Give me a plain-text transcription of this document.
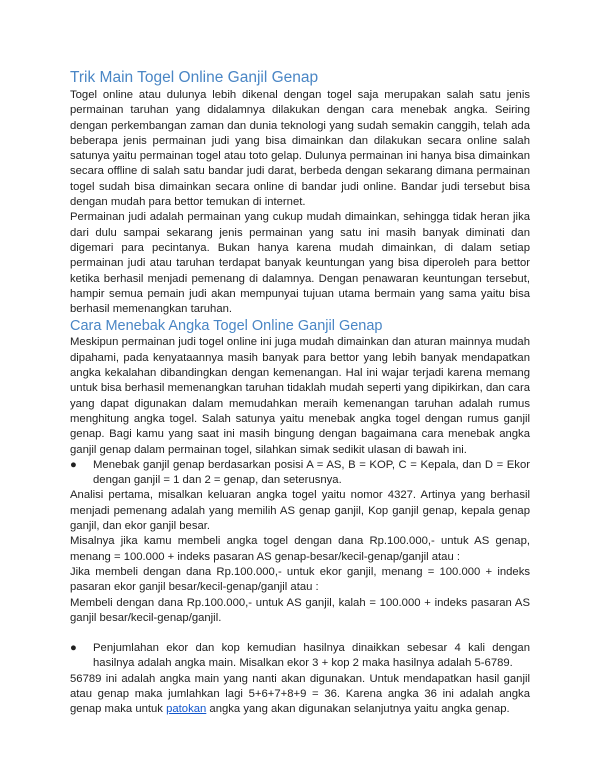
Trik Main Togel Online Ganjil Genap

Togel online atau dulunya lebih dikenal dengan togel saja merupakan salah satu jenis permainan taruhan yang didalamnya dilakukan dengan cara menebak angka. Seiring dengan perkembangan zaman dan dunia teknologi yang sudah semakin canggih, telah ada beberapa jenis permainan judi yang bisa dimainkan dan dilakukan secara online salah satunya yaitu permainan togel atau toto gelap. Dulunya permainan ini hanya bisa dimainkan secara offline di salah satu bandar judi darat, berbeda dengan sekarang dimana permainan togel sudah bisa dimainkan secara online di bandar judi online. Bandar judi tersebut bisa dengan mudah para bettor temukan di internet.

Permainan judi adalah permainan yang cukup mudah dimainkan, sehingga tidak heran jika dari dulu sampai sekarang jenis permainan yang satu ini masih banyak diminati dan digemari para pecintanya. Bukan hanya karena mudah dimainkan, di dalam setiap permainan judi atau taruhan terdapat banyak keuntungan yang bisa diperoleh para bettor ketika berhasil menjadi pemenang di dalamnya. Dengan penawaran keuntungan tersebut, hampir semua pemain judi akan mempunyai tujuan utama bermain yang sama yaitu bisa berhasil memenangkan taruhan.

Cara Menebak Angka Togel Online Ganjil Genap

Meskipun permainan judi togel online ini juga mudah dimainkan dan aturan mainnya mudah dipahami, pada kenyataannya masih banyak para bettor yang lebih banyak mendapatkan angka kekalahan dibandingkan dengan kemenangan. Hal ini wajar terjadi karena memang untuk bisa berhasil memenangkan taruhan tidaklah mudah seperti yang dipikirkan, dan cara yang dapat digunakan dalam memudahkan meraih kemenangan taruhan adalah rumus menghitung angka togel. Salah satunya yaitu menebak angka togel dengan rumus ganjil genap. Bagi kamu yang saat ini masih bingung dengan bagaimana cara menebak angka ganjil genap dalam permainan togel, silahkan simak sedikit ulasan di bawah ini.

● Menebak ganjil genap berdasarkan posisi A = AS, B = KOP, C = Kepala, dan D = Ekor dengan ganjil = 1 dan 2 = genap, dan seterusnya.

Analisi pertama, misalkan keluaran angka togel yaitu nomor 4327. Artinya yang berhasil menjadi pemenang adalah yang memilih AS genap ganjil, Kop ganjil genap, kepala genap ganjil, dan ekor ganjil besar.

Misalnya jika kamu membeli angka togel dengan dana Rp.100.000,- untuk AS genap, menang = 100.000 + indeks pasaran AS genap-besar/kecil-genap/ganjil atau :

Jika membeli dengan dana Rp.100.000,- untuk ekor ganjil, menang = 100.000 + indeks pasaran ekor ganjil besar/kecil-genap/ganjil atau :

Membeli dengan dana Rp.100.000,- untuk AS ganjil, kalah = 100.000 + indeks pasaran AS ganjil besar/kecil-genap/ganjil.

● Penjumlahan ekor dan kop kemudian hasilnya dinaikkan sebesar 4 kali dengan hasilnya adalah angka main. Misalkan ekor 3 + kop 2 maka hasilnya adalah 5-6789.

56789 ini adalah angka main yang nanti akan digunakan. Untuk mendapatkan hasil ganjil atau genap maka jumlahkan lagi 5+6+7+8+9 = 36. Karena angka 36 ini adalah angka genap maka untuk patokan angka yang akan digunakan selanjutnya yaitu angka genap.
